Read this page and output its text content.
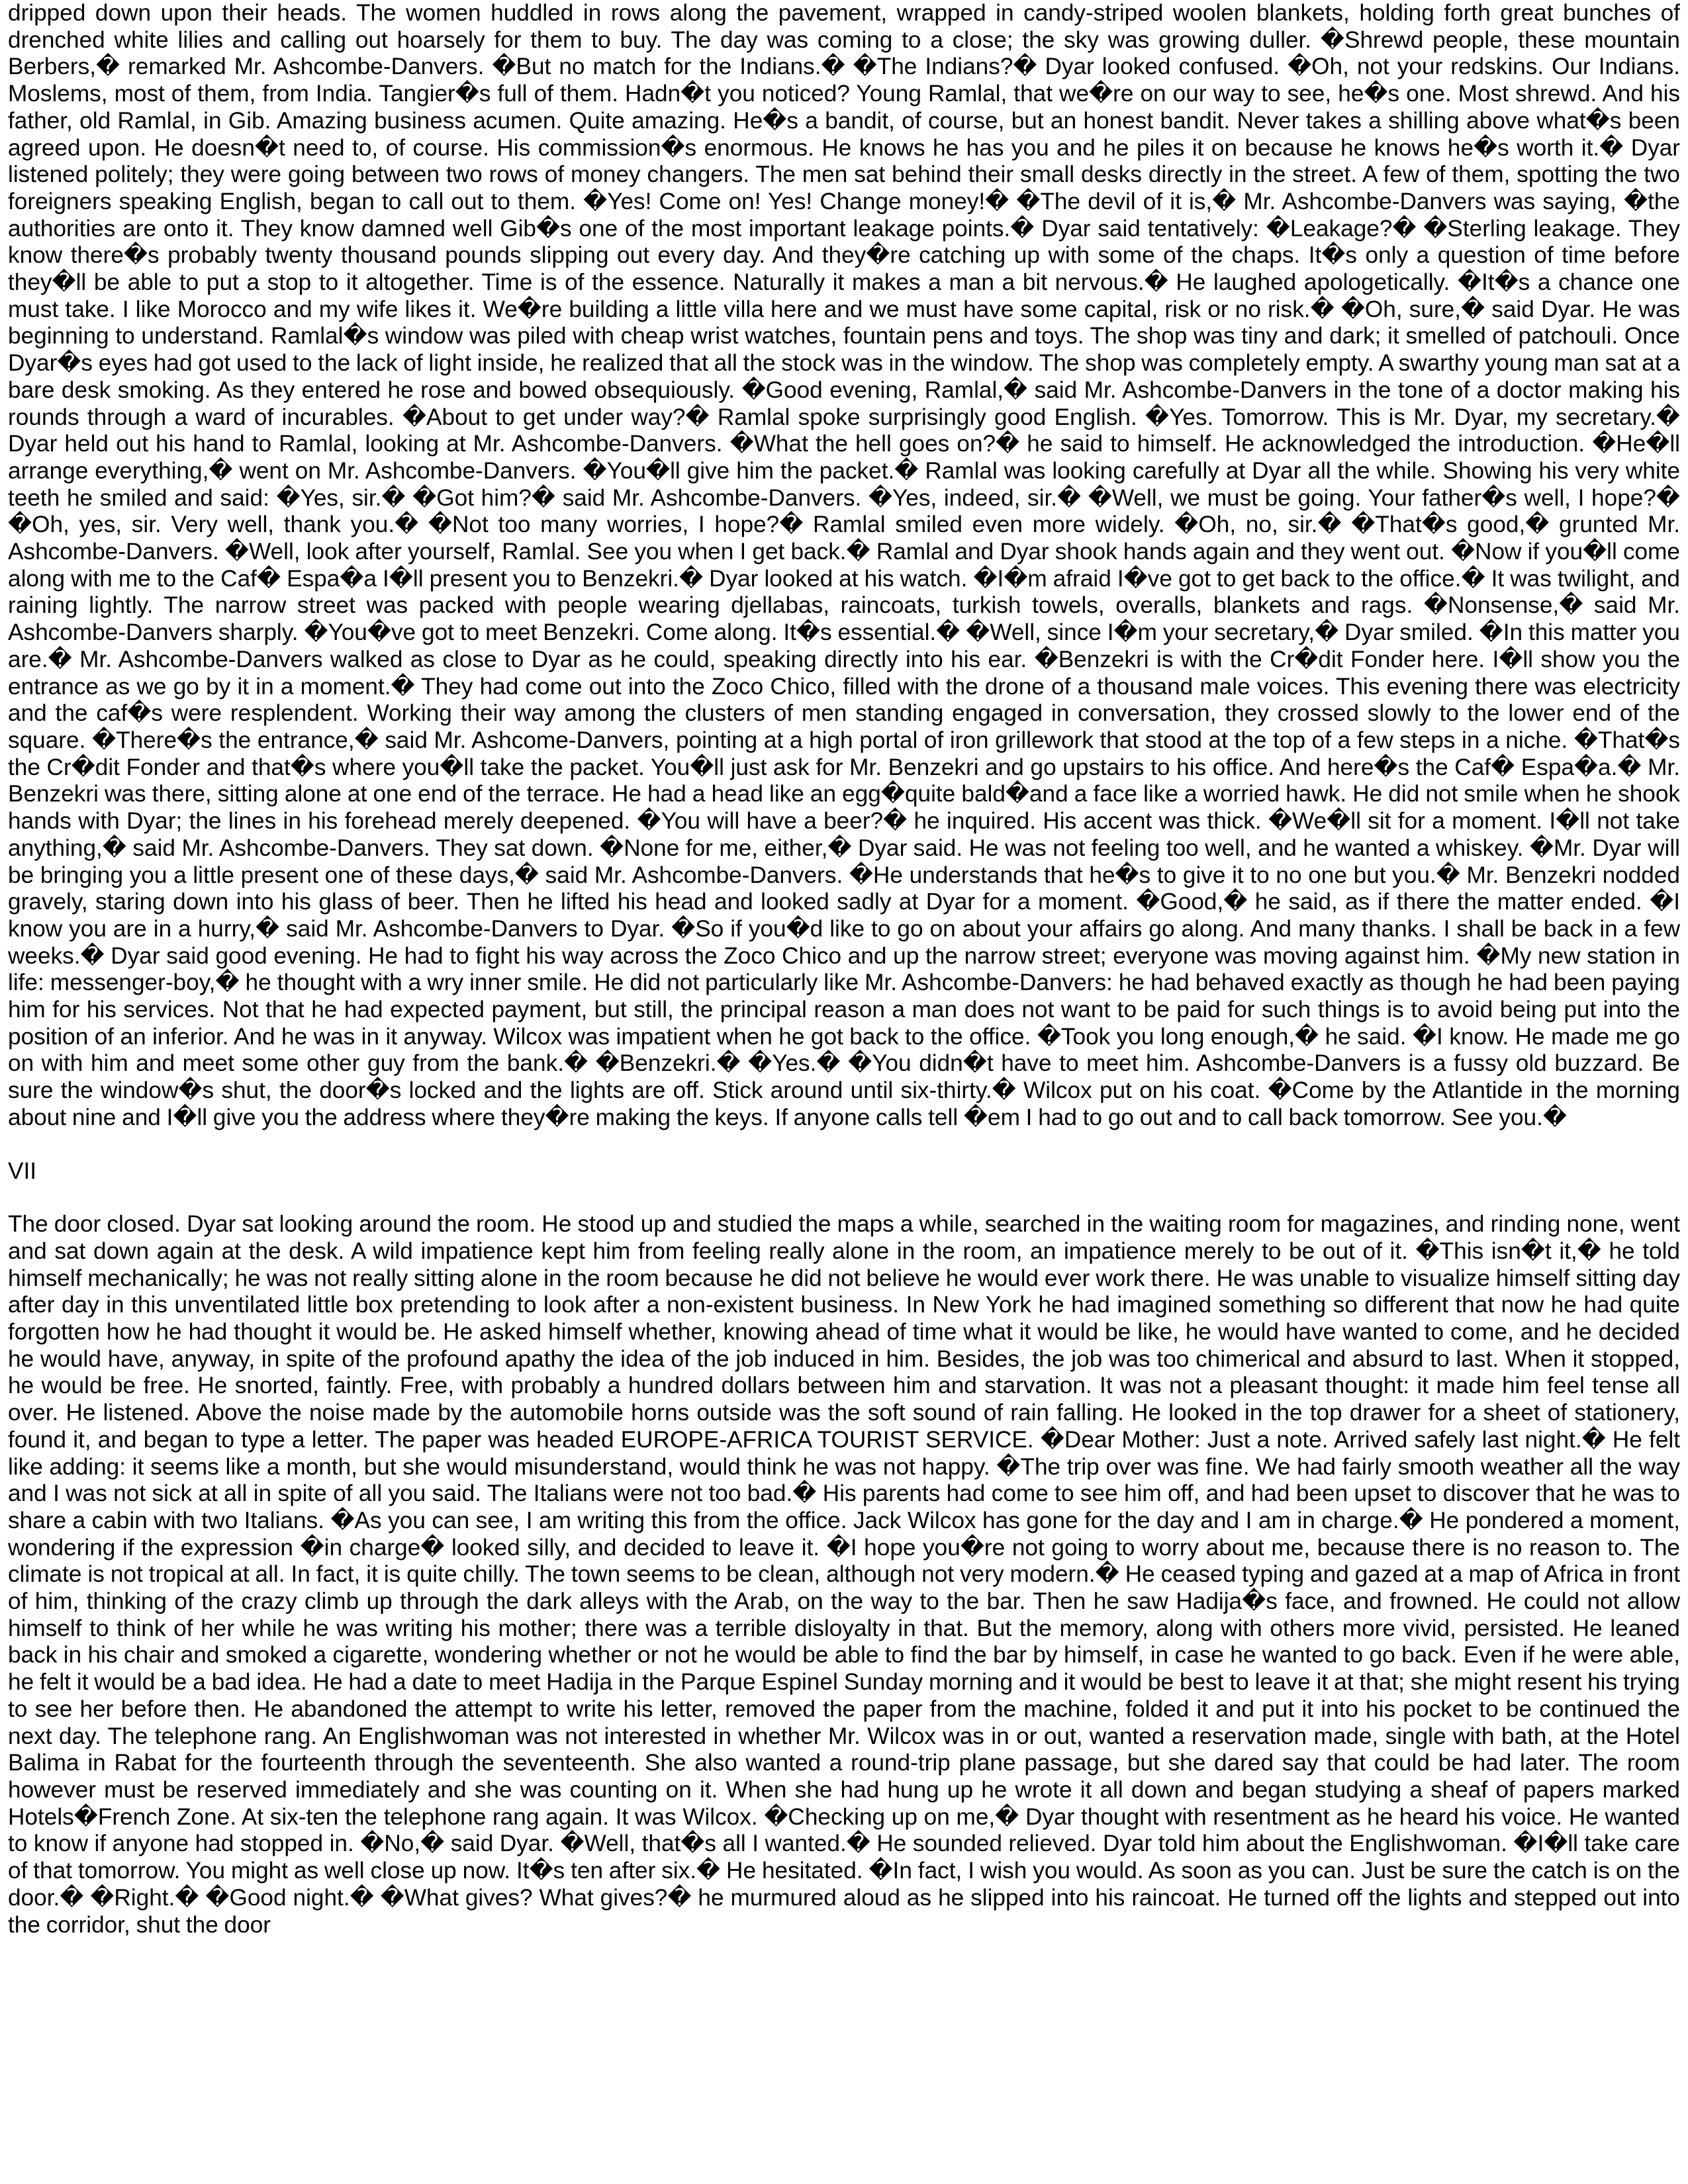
dripped down upon their heads. The women huddled in rows along the pavement, wrapped in candy-striped woolen blankets, holding forth great bunches of drenched white lilies and calling out hoarsely for them to buy. The day was coming to a close; the sky was growing duller. �Shrewd people, these mountain Berbers,� remarked Mr. Ashcombe-Danvers. �But no match for the Indians.� �The Indians?� Dyar looked confused. �Oh, not your redskins. Our Indians. Moslems, most of them, from India. Tangier�s full of them. Hadn�t you noticed? Young Ramlal, that we�re on our way to see, he�s one. Most shrewd. And his father, old Ramlal, in Gib. Amazing business acumen. Quite amazing. He�s a bandit, of course, but an honest bandit. Never takes a shilling above what�s been agreed upon. He doesn�t need to, of course. His commission�s enormous. He knows he has you and he piles it on because he knows he�s worth it.� Dyar listened politely; they were going between two rows of money changers. The men sat behind their small desks directly in the street. A few of them, spotting the two foreigners speaking English, began to call out to them. �Yes! Come on! Yes! Change money!� �The devil of it is,� Mr. Ashcombe-Danvers was saying, �the authorities are onto it. They know damned well Gib�s one of the most important leakage points.� Dyar said tentatively: �Leakage?� �Sterling leakage. They know there�s probably twenty thousand pounds slipping out every day. And they�re catching up with some of the chaps. It�s only a question of time before they�ll be able to put a stop to it altogether. Time is of the essence. Naturally it makes a man a bit nervous.� He laughed apologetically. �It�s a chance one must take. I like Morocco and my wife likes it. We�re building a little villa here and we must have some capital, risk or no risk.� �Oh, sure,� said Dyar. He was beginning to understand. Ramlal�s window was piled with cheap wrist watches, fountain pens and toys. The shop was tiny and dark; it smelled of patchouli. Once Dyar�s eyes had got used to the lack of light inside, he realized that all the stock was in the window. The shop was completely empty. A swarthy young man sat at a bare desk smoking. As they entered he rose and bowed obsequiously. �Good evening, Ramlal,� said Mr. Ashcombe-Danvers in the tone of a doctor making his rounds through a ward of incurables. �About to get under way?� Ramlal spoke surprisingly good English. �Yes. Tomorrow. This is Mr. Dyar, my secretary.� Dyar held out his hand to Ramlal, looking at Mr. Ashcombe-Danvers. �What the hell goes on?� he said to himself. He acknowledged the introduction. �He�ll arrange everything,� went on Mr. Ashcombe-Danvers. �You�ll give him the packet.� Ramlal was looking carefully at Dyar all the while. Showing his very white teeth he smiled and said: �Yes, sir.� �Got him?� said Mr. Ashcombe-Danvers. �Yes, indeed, sir.� �Well, we must be going. Your father�s well, I hope?� �Oh, yes, sir. Very well, thank you.� �Not too many worries, I hope?� Ramlal smiled even more widely. �Oh, no, sir.� �That�s good,� grunted Mr. Ashcombe-Danvers. �Well, look after yourself, Ramlal. See you when I get back.� Ramlal and Dyar shook hands again and they went out. �Now if you�ll come along with me to the Caf� Espa�a I�ll present you to Benzekri.� Dyar looked at his watch. �I�m afraid I�ve got to get back to the office.� It was twilight, and raining lightly. The narrow street was packed with people wearing djellabas, raincoats, turkish towels, overalls, blankets and rags. �Nonsense,� said Mr. Ashcombe-Danvers sharply. �You�ve got to meet Benzekri. Come along. It�s essential.� �Well, since I�m your secretary,� Dyar smiled. �In this matter you are.� Mr. Ashcombe-Danvers walked as close to Dyar as he could, speaking directly into his ear. �Benzekri is with the Cr�dit Fonder here. I�ll show you the entrance as we go by it in a moment.� They had come out into the Zoco Chico, filled with the drone of a thousand male voices. This evening there was electricity and the caf�s were resplendent. Working their way among the clusters of men standing engaged in conversation, they crossed slowly to the lower end of the square. �There�s the entrance,� said Mr. Ashcome-Danvers, pointing at a high portal of iron grillework that stood at the top of a few steps in a niche. �That�s the Cr�dit Fonder and that�s where you�ll take the packet. You�ll just ask for Mr. Benzekri and go upstairs to his office. And here�s the Caf� Espa�a.� Mr. Benzekri was there, sitting alone at one end of the terrace. He had a head like an egg�quite bald�and a face like a worried hawk. He did not smile when he shook hands with Dyar; the lines in his forehead merely deepened. �You will have a beer?� he inquired. His accent was thick. �We�ll sit for a moment. I�ll not take anything,� said Mr. Ashcombe-Danvers. They sat down. �None for me, either,� Dyar said. He was not feeling too well, and he wanted a whiskey. �Mr. Dyar will be bringing you a little present one of these days,� said Mr. Ashcombe-Danvers. �He understands that he�s to give it to no one but you.� Mr. Benzekri nodded gravely, staring down into his glass of beer. Then he lifted his head and looked sadly at Dyar for a moment. �Good,� he said, as if there the matter ended. �I know you are in a hurry,� said Mr. Ashcombe-Danvers to Dyar. �So if you�d like to go on about your affairs go along. And many thanks. I shall be back in a few weeks.� Dyar said good evening. He had to fight his way across the Zoco Chico and up the narrow street; everyone was moving against him. �My new station in life: messenger-boy,� he thought with a wry inner smile. He did not particularly like Mr. Ashcombe-Danvers: he had behaved exactly as though he had been paying him for his services. Not that he had expected payment, but still, the principal reason a man does not want to be paid for such things is to avoid being put into the position of an inferior. And he was in it anyway. Wilcox was impatient when he got back to the office. �Took you long enough,� he said. �I know. He made me go on with him and meet some other guy from the bank.� �Benzekri.� �Yes.� �You didn�t have to meet him. Ashcombe-Danvers is a fussy old buzzard. Be sure the window�s shut, the door�s locked and the lights are off. Stick around until six-thirty.� Wilcox put on his coat. �Come by the Atlantide in the morning about nine and I�ll give you the address where they�re making the keys. If anyone calls tell �em I had to go out and to call back tomorrow. See you.�

VII

The door closed. Dyar sat looking around the room. He stood up and studied the maps a while, searched in the waiting room for magazines, and rinding none, went and sat down again at the desk. A wild impatience kept him from feeling really alone in the room, an impatience merely to be out of it. �This isn�t it,� he told himself mechanically; he was not really sitting alone in the room because he did not believe he would ever work there. He was unable to visualize himself sitting day after day in this unventilated little box pretending to look after a non-existent business. In New York he had imagined something so different that now he had quite forgotten how he had thought it would be. He asked himself whether, knowing ahead of time what it would be like, he would have wanted to come, and he decided he would have, anyway, in spite of the profound apathy the idea of the job induced in him. Besides, the job was too chimerical and absurd to last. When it stopped, he would be free. He snorted, faintly. Free, with probably a hundred dollars between him and starvation. It was not a pleasant thought: it made him feel tense all over. He listened. Above the noise made by the automobile horns outside was the soft sound of rain falling. He looked in the top drawer for a sheet of stationery, found it, and began to type a letter. The paper was headed EUROPE-AFRICA TOURIST SERVICE. �Dear Mother: Just a note. Arrived safely last night.� He felt like adding: it seems like a month, but she would misunderstand, would think he was not happy. �The trip over was fine. We had fairly smooth weather all the way and I was not sick at all in spite of all you said. The Italians were not too bad.� His parents had come to see him off, and had been upset to discover that he was to share a cabin with two Italians. �As you can see, I am writing this from the office. Jack Wilcox has gone for the day and I am in charge.� He pondered a moment, wondering if the expression �in charge� looked silly, and decided to leave it. �I hope you�re not going to worry about me, because there is no reason to. The climate is not tropical at all. In fact, it is quite chilly. The town seems to be clean, although not very modern.� He ceased typing and gazed at a map of Africa in front of him, thinking of the crazy climb up through the dark alleys with the Arab, on the way to the bar. Then he saw Hadija�s face, and frowned. He could not allow himself to think of her while he was writing his mother; there was a terrible disloyalty in that. But the memory, along with others more vivid, persisted. He leaned back in his chair and smoked a cigarette, wondering whether or not he would be able to find the bar by himself, in case he wanted to go back. Even if he were able, he felt it would be a bad idea. He had a date to meet Hadija in the Parque Espinel Sunday morning and it would be best to leave it at that; she might resent his trying to see her before then. He abandoned the attempt to write his letter, removed the paper from the machine, folded it and put it into his pocket to be continued the next day. The telephone rang. An Englishwoman was not interested in whether Mr. Wilcox was in or out, wanted a reservation made, single with bath, at the Hotel Balima in Rabat for the fourteenth through the seventeenth. She also wanted a round-trip plane passage, but she dared say that could be had later. The room however must be reserved immediately and she was counting on it. When she had hung up he wrote it all down and began studying a sheaf of papers marked Hotels�French Zone. At six-ten the telephone rang again. It was Wilcox. �Checking up on me,� Dyar thought with resentment as he heard his voice. He wanted to know if anyone had stopped in. �No,� said Dyar. �Well, that�s all I wanted.� He sounded relieved. Dyar told him about the Englishwoman. �I�ll take care of that tomorrow. You might as well close up now. It�s ten after six.� He hesitated. �In fact, I wish you would. As soon as you can. Just be sure the catch is on the door.� �Right.� �Good night.� �What gives? What gives?� he murmured aloud as he slipped into his raincoat. He turned off the lights and stepped out into the corridor, shut the door
